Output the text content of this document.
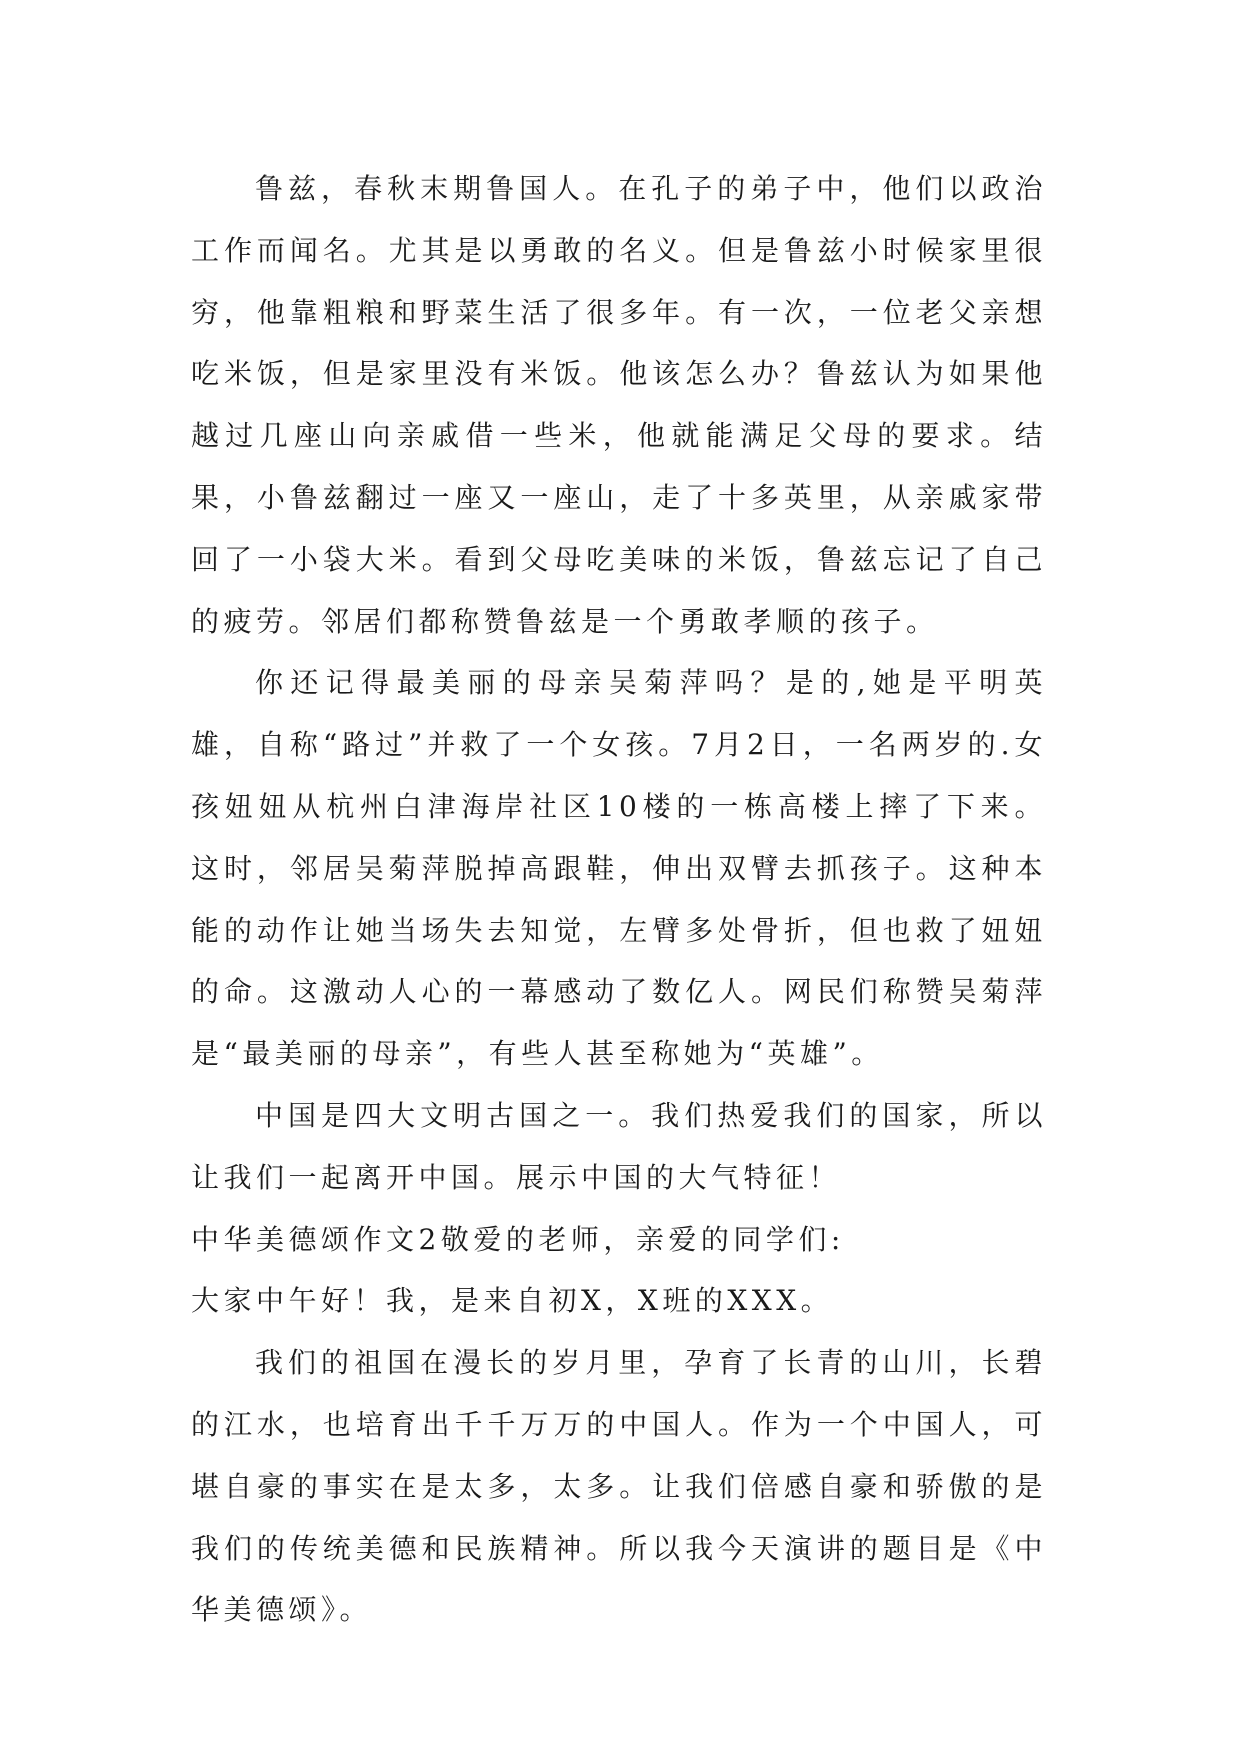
鲁兹，春秋末期鲁国人。在孔子的弟子中，他们以政治工作而闻名。尤其是以勇敢的名义。但是鲁兹小时候家里很穷，他靠粗粮和野菜生活了很多年。有一次，一位老父亲想吃米饭，但是家里没有米饭。他该怎么办？鲁兹认为如果他越过几座山向亲戚借一些米，他就能满足父母的要求。结果，小鲁兹翻过一座又一座山，走了十多英里，从亲戚家带回了一小袋大米。看到父母吃美味的米饭，鲁兹忘记了自己的疲劳。邻居们都称赞鲁兹是一个勇敢孝顺的孩子。

你还记得最美丽的母亲吴菊萍吗？是的,她是平明英雄，自称“路过”并救了一个女孩。7月2日，一名两岁的.女孩妞妞从杭州白津海岸社区10楼的一栋高楼上摔了下来。这时，邻居吴菊萍脱掉高跟鞋，伸出双臂去抓孩子。这种本能的动作让她当场失去知觉，左臂多处骨折，但也救了妞妞的命。这激动人心的一幕感动了数亿人。网民们称赞吴菊萍是“最美丽的母亲”，有些人甚至称她为“英雄”。

中国是四大文明古国之一。我们热爱我们的国家，所以让我们一起离开中国。展示中国的大气特征！

中华美德颂作文2敬爱的老师，亲爱的同学们:

大家中午好！我，是来自初X，X班的XXX。

我们的祖国在漫长的岁月里，孕育了长青的山川，长碧的江水，也培育出千千万万的中国人。作为一个中国人，可堪自豪的事实在是太多，太多。让我们倍感自豪和骄傲的是我们的传统美德和民族精神。所以我今天演讲的题目是《中华美德颂》。
